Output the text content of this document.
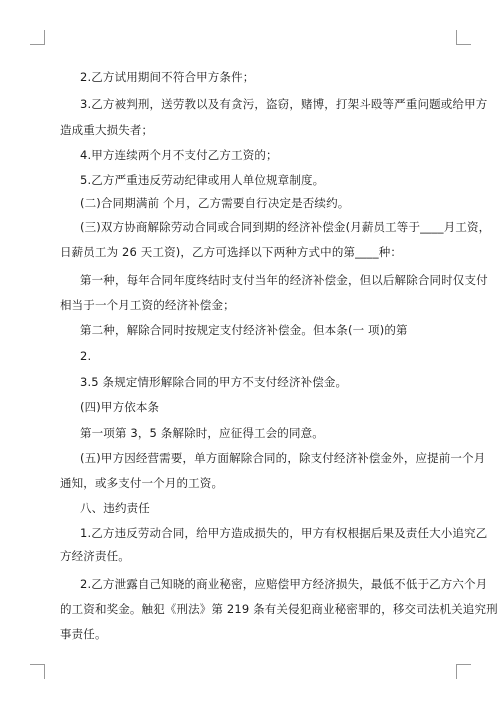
2.乙方试用期间不符合甲方条件；
3.乙方被判刑，送劳教以及有贪污，盗窃，赌博，打架斗殴等严重问题或给甲方
造成重大损失者；
4.甲方连续两个月不支付乙方工资的；
5.乙方严重违反劳动纪律或用人单位规章制度。
(二)合同期满前 个月，乙方需要自行决定是否续约。
(三)双方协商解除劳动合同或合同到期的经济补偿金(月薪员工等于____月工资，
日薪员工为 26 天工资)，乙方可选择以下两种方式中的第____种：
第一种，每年合同年度终结时支付当年的经济补偿金，但以后解除合同时仅支付
相当于一个月工资的经济补偿金；
第二种，解除合同时按规定支付经济补偿金。但本条(一 项)的第
2.
3.5 条规定情形解除合同的甲方不支付经济补偿金。
(四)甲方依本条
第一项第 3，5 条解除时，应征得工会的同意。
(五)甲方因经营需要，单方面解除合同的，除支付经济补偿金外，应提前一个月
通知，或多支付一个月的工资。
八、违约责任
1.乙方违反劳动合同，给甲方造成损失的，甲方有权根据后果及责任大小追究乙
方经济责任。
2.乙方泄露自己知晓的商业秘密，应赔偿甲方经济损失，最低不低于乙方六个月
的工资和奖金。触犯《刑法》第 219 条有关侵犯商业秘密罪的，移交司法机关追究刑
事责任。
